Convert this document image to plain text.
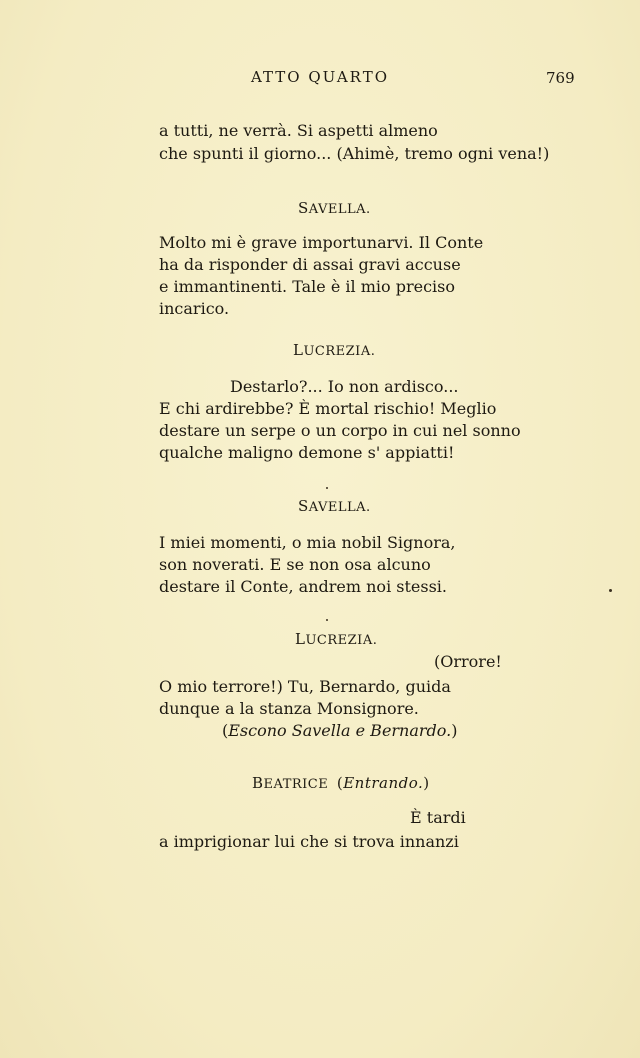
ATTO QUARTO	769
a tutti, ne verrà. Si aspetti almeno
che spunti il giorno... (Ahimè, tremo ogni vena!)
SAVELLA.
Molto mi è grave importunarvi. Il Conte
ha da risponder di assai gravi accuse
e immantinenti. Tale è il mio preciso
incarico.
LUCREZIA.
Destarlo?... Io non ardisco...
E chi ardirebbe? È mortal rischio! Meglio
destare un serpe o un corpo in cui nel sonno
qualche maligno demone s' appiatti!
SAVELLA.
I miei momenti, o mia nobil Signora,
son noverati. E se non osa alcuno
destare il Conte, andrem noi stessi.
LUCREZIA.
(Orrore!
O mio terrore!) Tu, Bernardo, guida
dunque a la stanza Monsignore.
(Escono Savella e Bernardo.)
BEATRICE (Entrando.)
È tardi
a imprigionar lui che si trova innanzi
